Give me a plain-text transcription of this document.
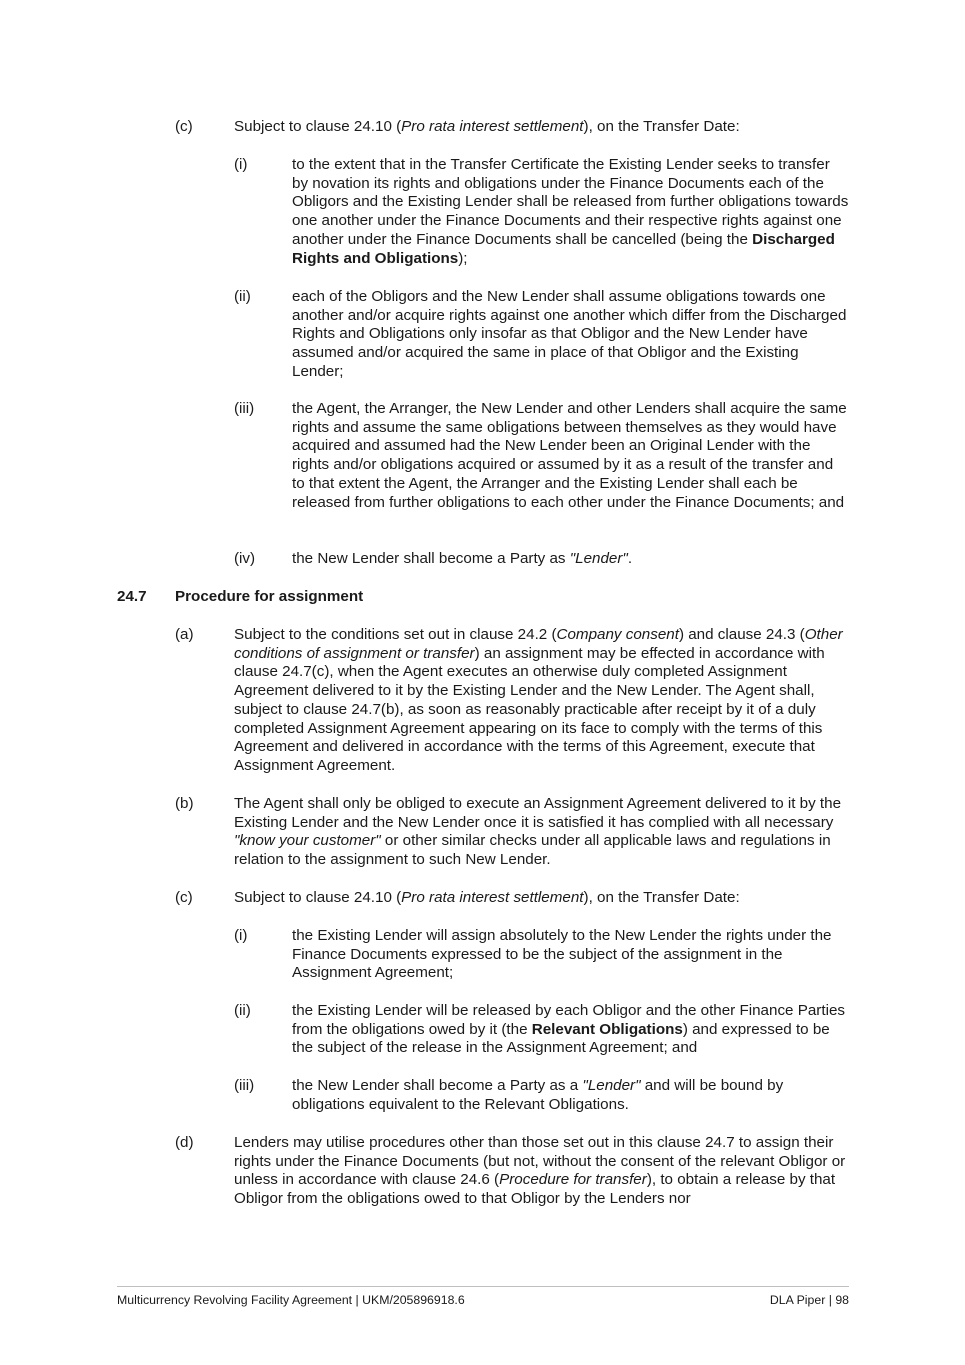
(c)	Subject to clause 24.10 (Pro rata interest settlement), on the Transfer Date:
(i)	to the extent that in the Transfer Certificate the Existing Lender seeks to transfer by novation its rights and obligations under the Finance Documents each of the Obligors and the Existing Lender shall be released from further obligations towards one another under the Finance Documents and their respective rights against one another under the Finance Documents shall be cancelled (being the Discharged Rights and Obligations);
(ii)	each of the Obligors and the New Lender shall assume obligations towards one another and/or acquire rights against one another which differ from the Discharged Rights and Obligations only insofar as that Obligor and the New Lender have assumed and/or acquired the same in place of that Obligor and the Existing Lender;
(iii) the Agent, the Arranger, the New Lender and other Lenders shall acquire the same rights and assume the same obligations between themselves as they would have acquired and assumed had the New Lender been an Original Lender with the rights and/or obligations acquired or assumed by it as a result of the transfer and to that extent the Agent, the Arranger and the Existing Lender shall each be released from further obligations to each other under the Finance Documents; and
(iv) the New Lender shall become a Party as "Lender".
24.7 Procedure for assignment
(a)	Subject to the conditions set out in clause 24.2 (Company consent) and clause 24.3 (Other conditions of assignment or transfer) an assignment may be effected in accordance with clause 24.7(c), when the Agent executes an otherwise duly completed Assignment Agreement delivered to it by the Existing Lender and the New Lender. The Agent shall, subject to clause 24.7(b), as soon as reasonably practicable after receipt by it of a duly completed Assignment Agreement appearing on its face to comply with the terms of this Agreement and delivered in accordance with the terms of this Agreement, execute that Assignment Agreement.
(b)	The Agent shall only be obliged to execute an Assignment Agreement delivered to it by the Existing Lender and the New Lender once it is satisfied it has complied with all necessary "know your customer" or other similar checks under all applicable laws and regulations in relation to the assignment to such New Lender.
(c)	Subject to clause 24.10 (Pro rata interest settlement), on the Transfer Date:
(i)	the Existing Lender will assign absolutely to the New Lender the rights under the Finance Documents expressed to be the subject of the assignment in the Assignment Agreement;
(ii)	the Existing Lender will be released by each Obligor and the other Finance Parties from the obligations owed by it (the Relevant Obligations) and expressed to be the subject of the release in the Assignment Agreement; and
(iii) the New Lender shall become a Party as a "Lender" and will be bound by obligations equivalent to the Relevant Obligations.
(d)	Lenders may utilise procedures other than those set out in this clause 24.7 to assign their rights under the Finance Documents (but not, without the consent of the relevant Obligor or unless in accordance with clause 24.6 (Procedure for transfer), to obtain a release by that Obligor from the obligations owed to that Obligor by the Lenders nor
Multicurrency Revolving Facility Agreement | UKM/205896918.6	DLA Piper | 98
